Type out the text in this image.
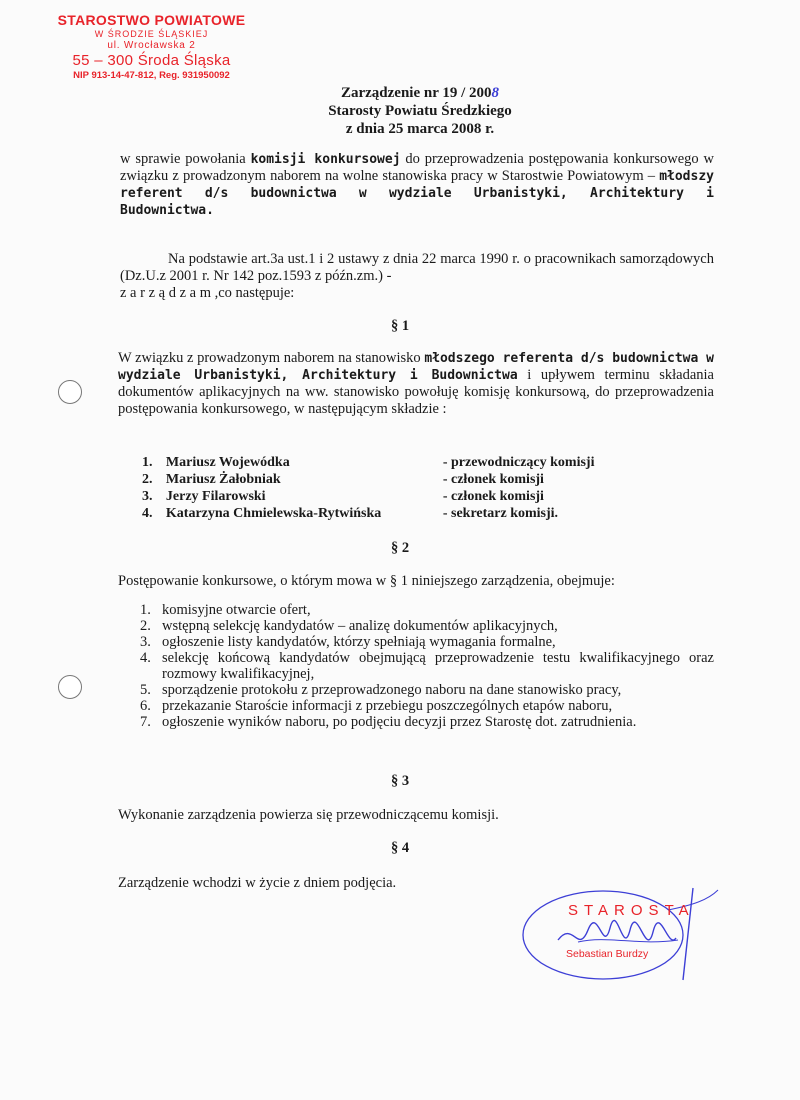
STAROSTWO POWIATOWE
W ŚRODZIE ŚLĄSKIEJ
ul. Wrocławska 2
55 – 300 Środa Śląska
NIP 913-14-47-812, Reg. 931950092
Zarządzenie nr 19 / 2008
Starosty Powiatu Średzkiego
z dnia 25 marca 2008 r.
w sprawie powołania komisji konkursowej do przeprowadzenia postępowania konkursowego w związku z prowadzonym naborem na wolne stanowiska pracy w Starostwie Powiatowym – młodszy referent d/s budownictwa w wydziale Urbanistyki, Architektury i Budownictwa.
Na podstawie art.3a ust.1 i 2 ustawy z dnia 22 marca 1990 r. o pracownikach samorządowych (Dz.U.z 2001 r. Nr 142 poz.1593 z późn.zm.) -
z a r z ą d z a m ,co następuje:
§ 1
W związku z prowadzonym naborem na stanowisko młodszego referenta d/s budownictwa w wydziale Urbanistyki, Architektury i Budownictwa i upływem terminu składania dokumentów aplikacyjnych na ww. stanowisko powołuję komisję konkursową, do przeprowadzenia postępowania konkursowego, w następującym składzie :
1. Mariusz Wojewódka	- przewodniczący komisji
2. Mariusz Żałobniak	- członek komisji
3. Jerzy Filarowski	- członek komisji
4. Katarzyna Chmielewska-Rytwińska	- sekretarz komisji.
§ 2
Postępowanie konkursowe, o którym mowa w § 1 niniejszego zarządzenia, obejmuje:
1. komisyjne otwarcie ofert,
2. wstępną selekcję kandydatów – analizę dokumentów aplikacyjnych,
3. ogłoszenie listy kandydatów, którzy spełniają wymagania formalne,
4. selekcję końcową kandydatów obejmującą przeprowadzenie testu kwalifikacyjnego oraz rozmowy kwalifikacyjnej,
5. sporządzenie protokołu z przeprowadzonego naboru na dane stanowisko pracy,
6. przekazanie Staroście informacji z przebiegu poszczególnych etapów naboru,
7. ogłoszenie wyników naboru, po podjęciu decyzji przez Starostę dot. zatrudnienia.
§ 3
Wykonanie zarządzenia powierza się przewodniczącemu komisji.
§ 4
Zarządzenie wchodzi w życie z dniem podjęcia.
STAROSTA
Sebastian Burdzy
